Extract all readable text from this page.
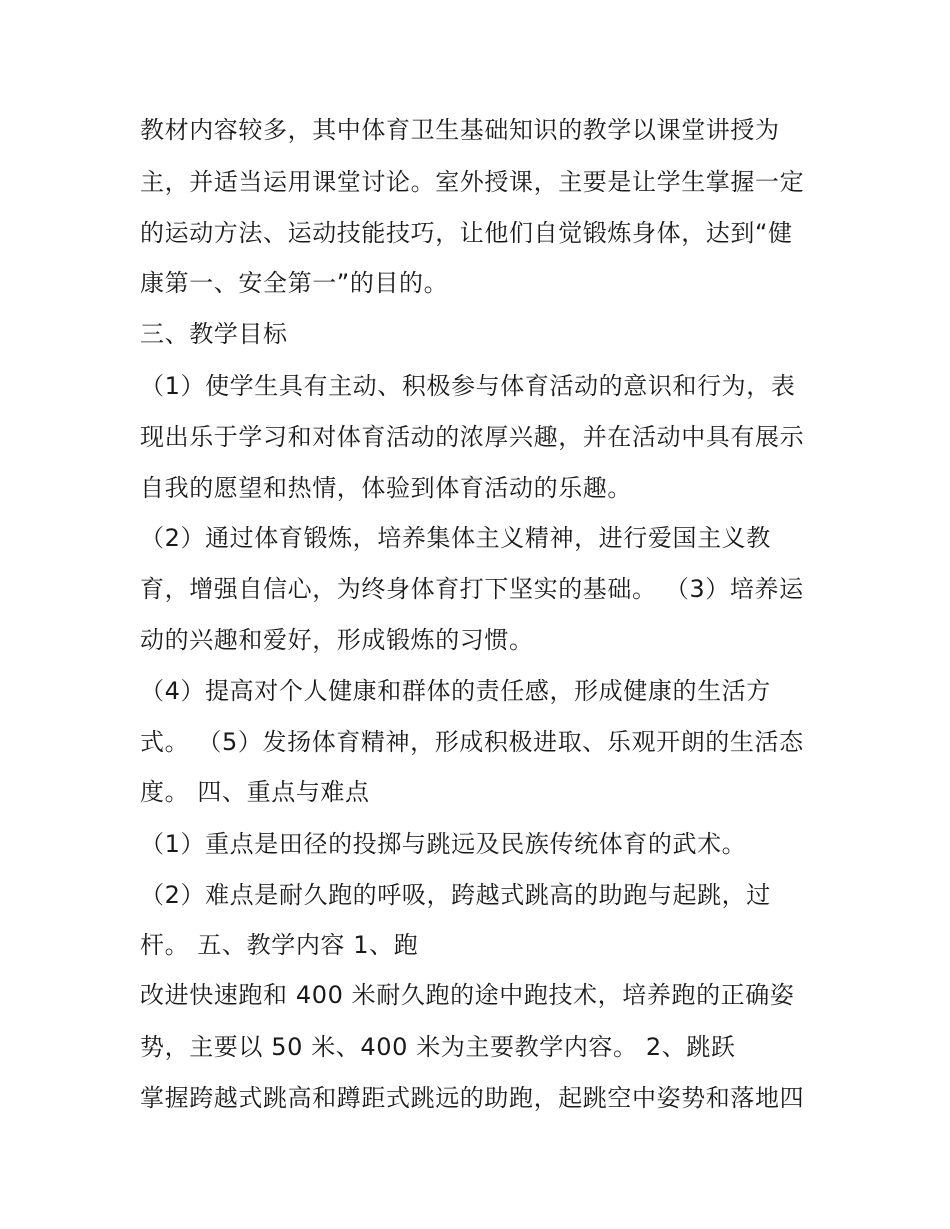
教材内容较多，其中体育卫生基础知识的教学以课堂讲授为
主，并适当运用课堂讨论。室外授课，主要是让学生掌握一定
的运动方法、运动技能技巧，让他们自觉锻炼身体，达到“健
康第一、安全第一”的目的。
三、教学目标
（1）使学生具有主动、积极参与体育活动的意识和行为，表
现出乐于学习和对体育活动的浓厚兴趣，并在活动中具有展示
自我的愿望和热情，体验到体育活动的乐趣。
（2）通过体育锻炼，培养集体主义精神，进行爱国主义教
育，增强自信心，为终身体育打下坚实的基础。 （3）培养运
动的兴趣和爱好，形成锻炼的习惯。
（4）提高对个人健康和群体的责任感，形成健康的生活方
式。 （5）发扬体育精神，形成积极进取、乐观开朗的生活态
度。 四、重点与难点
（1）重点是田径的投掷与跳远及民族传统体育的武术。
（2）难点是耐久跑的呼吸，跨越式跳高的助跑与起跳，过
杆。 五、教学内容 1、跑
改进快速跑和 400 米耐久跑的途中跑技术，培养跑的正确姿
势，主要以 50 米、400 米为主要教学内容。 2、跳跃
掌握跨越式跳高和蹲距式跳远的助跑，起跳空中姿势和落地四
